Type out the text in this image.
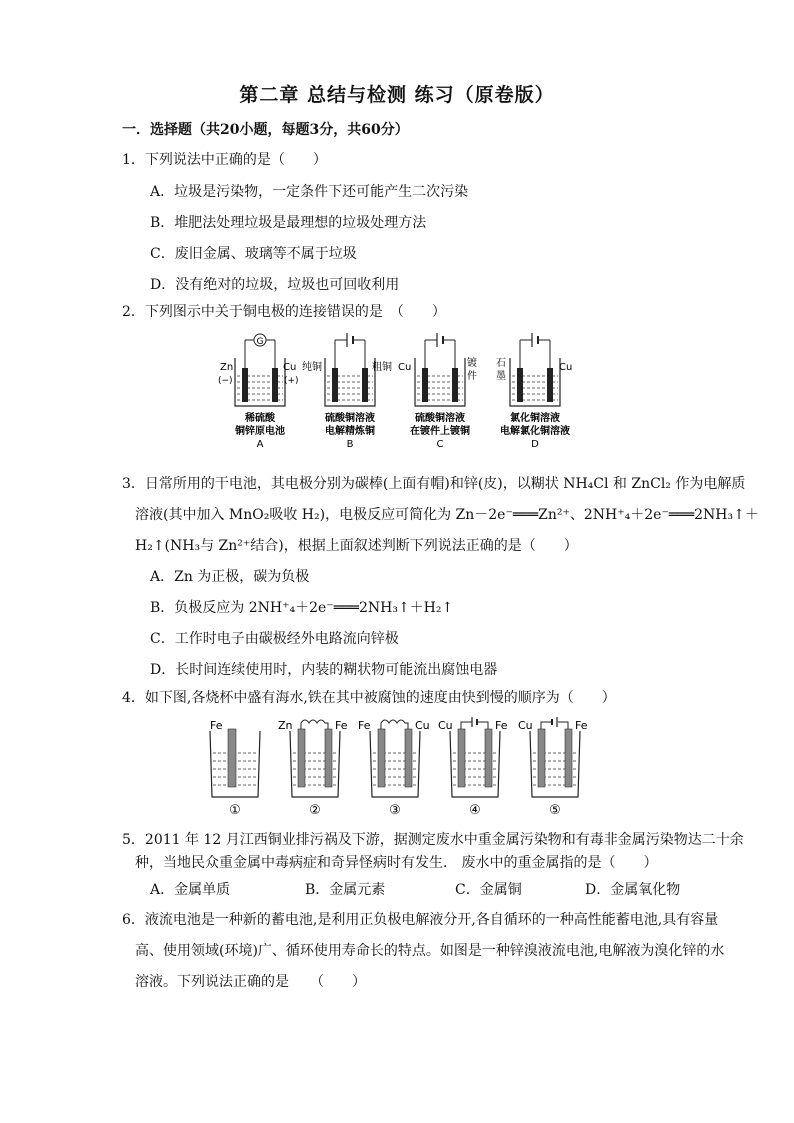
第二章 总结与检测 练习（原卷版）
一．选择题（共20小题，每题3分，共60分）
1．下列说法中正确的是（　　）
A．垃圾是污染物，一定条件下还可能产生二次污染
B．堆肥法处理垃圾是最理想的垃圾处理方法
C．废旧金属、玻璃等不属于垃圾
D．没有绝对的垃圾，垃圾也可回收利用
2．下列图示中关于铜电极的连接错误的是　（　　）
G
Zn
(−)
Cu
(+)
稀硫酸
铜锌原电池
A
纯铜	粗铜
硫酸铜溶液
电解精炼铜
B
Cu	镀
件
硫酸铜溶液
在镀件上镀铜
C
石
墨
Cu
氯化铜溶液
电解氯化铜溶液
D
3．日常所用的干电池，其电极分别为碳棒(上面有帽)和锌(皮)，以糊状 NH₄Cl 和 ZnCl₂ 作为电解质
溶液(其中加入 MnO₂吸收 H₂)，电极反应可简化为 Zn－2e⁻═══Zn²⁺、2NH⁺₄＋2e⁻═══2NH₃↑＋
H₂↑(NH₃与 Zn²⁺结合)，根据上面叙述判断下列说法正确的是（　　）
A．Zn 为正极，碳为负极
B．负极反应为 2NH⁺₄＋2e⁻═══2NH₃↑＋H₂↑
C．工作时电子由碳极经外电路流向锌极
D．长时间连续使用时，内装的糊状物可能流出腐蚀电器
4．如下图,各烧杯中盛有海水,铁在其中被腐蚀的速度由快到慢的顺序为（　　）
Fe
①
Zn	Fe
②
Fe	Cu
③
Cu	Fe
④
Cu	Fe
⑤
5．2011 年 12 月江西铜业排污祸及下游，据测定废水中重金属污染物和有毒非金属污染物达二十余
种，当地民众重金属中毒病症和奇异怪病时有发生． 废水中的重金属指的是（　　）
A．金属单质	B．金属元素	C．金属铜	D．金属氧化物
6．液流电池是一种新的蓄电池,是利用正负极电解液分开,各自循环的一种高性能蓄电池,具有容量
高、使用领域(环境)广、循环使用寿命长的特点。如图是一种锌溴液流电池,电解液为溴化锌的水
溶液。下列说法正确的是　　（　　）
